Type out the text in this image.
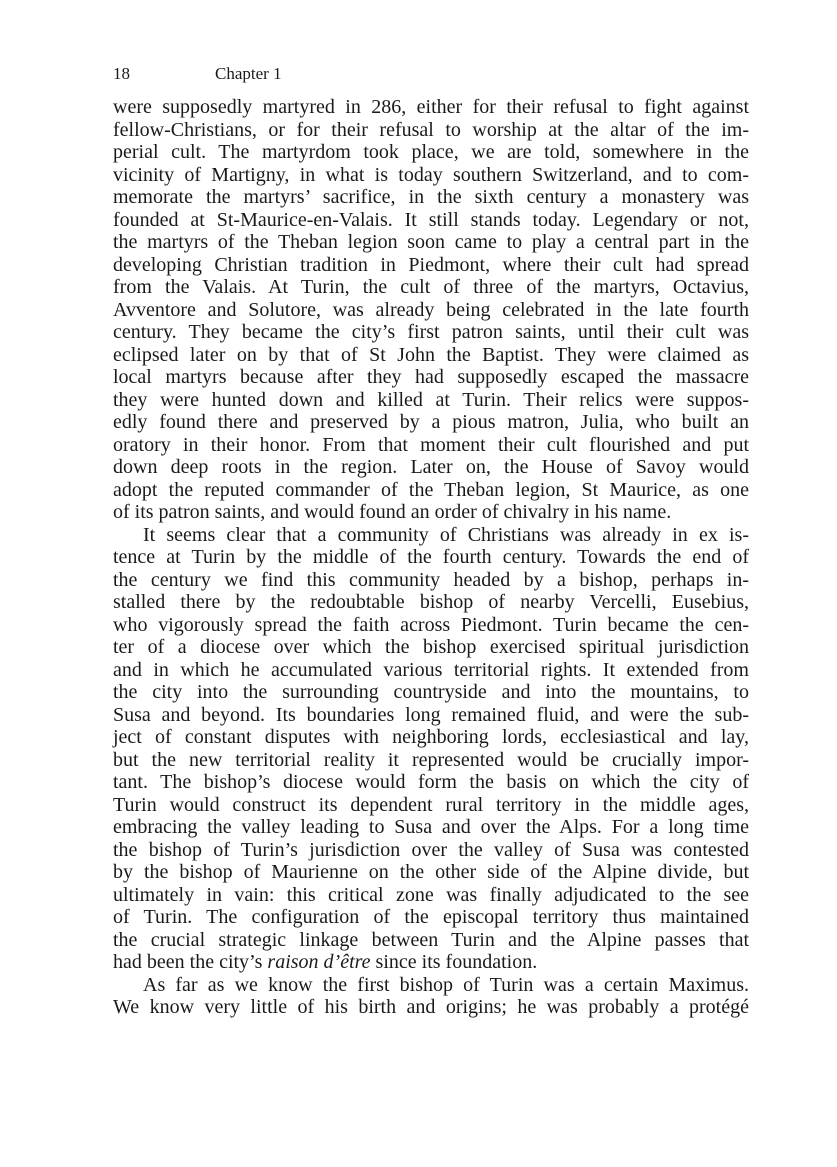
18	Chapter 1
were supposedly martyred in 286, either for their refusal to fight against
fellow-Christians, or for their refusal to worship at the altar of the im-
perial cult. The martyrdom took place, we are told, somewhere in the
vicinity of Martigny, in what is today southern Switzerland, and to com-
memorate the martyrs’ sacrifice, in the sixth century a monastery was
founded at St-Maurice-en-Valais. It still stands today. Legendary or not,
the martyrs of the Theban legion soon came to play a central part in the
developing Christian tradition in Piedmont, where their cult had spread
from the Valais. At Turin, the cult of three of the martyrs, Octavius,
Avventore and Solutore, was already being celebrated in the late fourth
century. They became the city’s first patron saints, until their cult was
eclipsed later on by that of St John the Baptist. They were claimed as
local martyrs because after they had supposedly escaped the massacre
they were hunted down and killed at Turin. Their relics were suppos-
edly found there and preserved by a pious matron, Julia, who built an
oratory in their honor. From that moment their cult flourished and put
down deep roots in the region. Later on, the House of Savoy would
adopt the reputed commander of the Theban legion, St Maurice, as one
of its patron saints, and would found an order of chivalry in his name.
It seems clear that a community of Christians was already in ex is-
tence at Turin by the middle of the fourth century. Towards the end of
the century we find this community headed by a bishop, perhaps in-
stalled there by the redoubtable bishop of nearby Vercelli, Eusebius,
who vigorously spread the faith across Piedmont. Turin became the cen-
ter of a diocese over which the bishop exercised spiritual jurisdiction
and in which he accumulated various territorial rights. It extended from
the city into the surrounding countryside and into the mountains, to
Susa and beyond. Its boundaries long remained fluid, and were the sub-
ject of constant disputes with neighboring lords, ecclesiastical and lay,
but the new territorial reality it represented would be crucially impor-
tant. The bishop’s diocese would form the basis on which the city of
Turin would construct its dependent rural territory in the middle ages,
embracing the valley leading to Susa and over the Alps. For a long time
the bishop of Turin’s jurisdiction over the valley of Susa was contested
by the bishop of Maurienne on the other side of the Alpine divide, but
ultimately in vain: this critical zone was finally adjudicated to the see
of Turin. The configuration of the episcopal territory thus maintained
the crucial strategic linkage between Turin and the Alpine passes that
had been the city’s raison d’être since its foundation.
As far as we know the first bishop of Turin was a certain Maximus.
We know very little of his birth and origins; he was probably a protégé
